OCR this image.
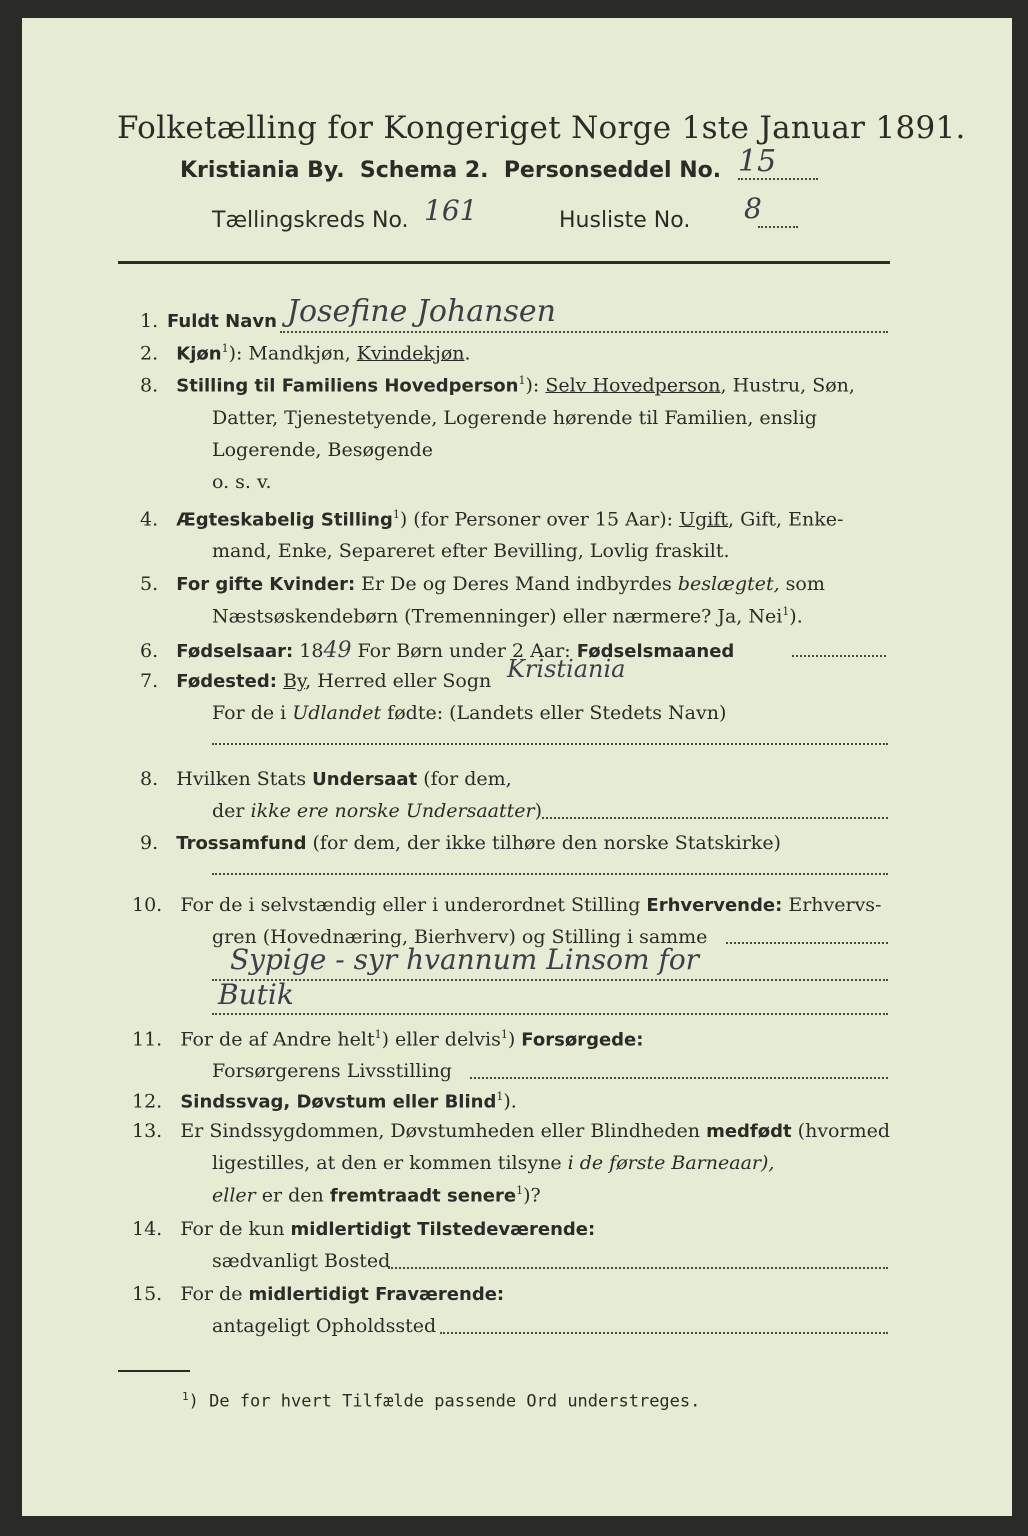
Folketælling for Kongeriget Norge 1ste Januar 1891.
Kristiania By. Schema 2. Personseddel No. 15
Tællingskreds No. 161	Husliste No. 8
1. Fuldt Navn Josefine Johansen
2. Kjøn$^1$): Mandkjøn, Kvindekjøn.
8. Stilling til Familiens Hovedperson$^1$): Selv Hovedperson, Hustru, Søn,
Datter, Tjenestetyende, Logerende hørende til Familien, enslig
Logerende, Besøgende
o. s. v.
4. Ægteskabelig Stilling$^1$) (for Personer over 15 Aar): Ugift, Gift, Enke-
mand, Enke, Separeret efter Bevilling, Lovlig fraskilt.
5. For gifte Kvinder: Er De og Deres Mand indbyrdes beslægtet, som
Næstsøskendebørn (Tremenninger) eller nærmere? Ja, Nei$^1$).
6. Fødselsaar: 1849 For Børn under 2 Aar: Fødselsmaaned
7. Fødested: By, Herred eller Sogn Kristiania
For de i Udlandet fødte: (Landets eller Stedets Navn)
8. Hvilken Stats Undersaat (for dem,
der ikke ere norske Undersaatter)
9. Trossamfund (for dem, der ikke tilhøre den norske Statskirke)
10. For de i selvstændig eller i underordnet Stilling Erhvervende: Erhvervs-
gren (Hovednæring, Bierhverv) og Stilling i samme
Sypige - syr hvannum Linsom for
Butik
11. For de af Andre helt$^1$) eller delvis$^1$) Forsørgede:
Forsørgerens Livsstilling
12. Sindssvag, Døvstum eller Blind$^1$).
13. Er Sindssygdommen, Døvstumheden eller Blindheden medfødt (hvormed
ligestilles, at den er kommen tilsyne i de første Barneaar),
eller er den fremtraadt senere$^1$)?
14. For de kun midlertidigt Tilstedeværende:
sædvanligt Bosted
15. For de midlertidigt Fraværende:
antageligt Opholdssted
$^1$) De for hvert Tilfælde passende Ord understreges.
